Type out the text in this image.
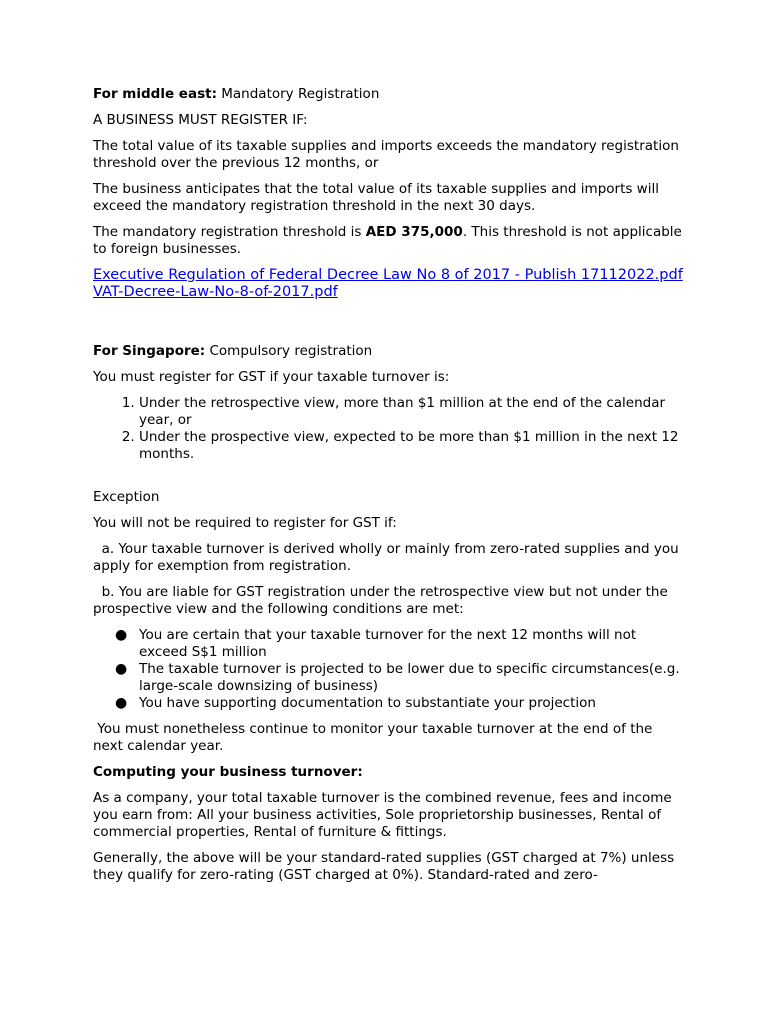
For middle east: Mandatory Registration

A BUSINESS MUST REGISTER IF:

The total value of its taxable supplies and imports exceeds the mandatory registration threshold over the previous 12 months, or

The business anticipates that the total value of its taxable supplies and imports will exceed the mandatory registration threshold in the next 30 days.

The mandatory registration threshold is AED 375,000. This threshold is not applicable to foreign businesses.

Executive Regulation of Federal Decree Law No 8 of 2017 - Publish 17112022.pdf
VAT-Decree-Law-No-8-of-2017.pdf

For Singapore: Compulsory registration

You must register for GST if your taxable turnover is:

1. Under the retrospective view, more than $1 million at the end of the calendar year, or
2. Under the prospective view, expected to be more than $1 million in the next 12 months.

Exception

You will not be required to register for GST if:

a. Your taxable turnover is derived wholly or mainly from zero-rated supplies and you apply for exemption from registration.

b. You are liable for GST registration under the retrospective view but not under the prospective view and the following conditions are met:

● You are certain that your taxable turnover for the next 12 months will not exceed S$1 million
● The taxable turnover is projected to be lower due to specific circumstances(e.g. large-scale downsizing of business)
● You have supporting documentation to substantiate your projection

You must nonetheless continue to monitor your taxable turnover at the end of the next calendar year.

Computing your business turnover:

As a company, your total taxable turnover is the combined revenue, fees and income you earn from: All your business activities, Sole proprietorship businesses, Rental of commercial properties, Rental of furniture & fittings.

Generally, the above will be your standard-rated supplies (GST charged at 7%) unless they qualify for zero-rating (GST charged at 0%). Standard-rated and zero-
